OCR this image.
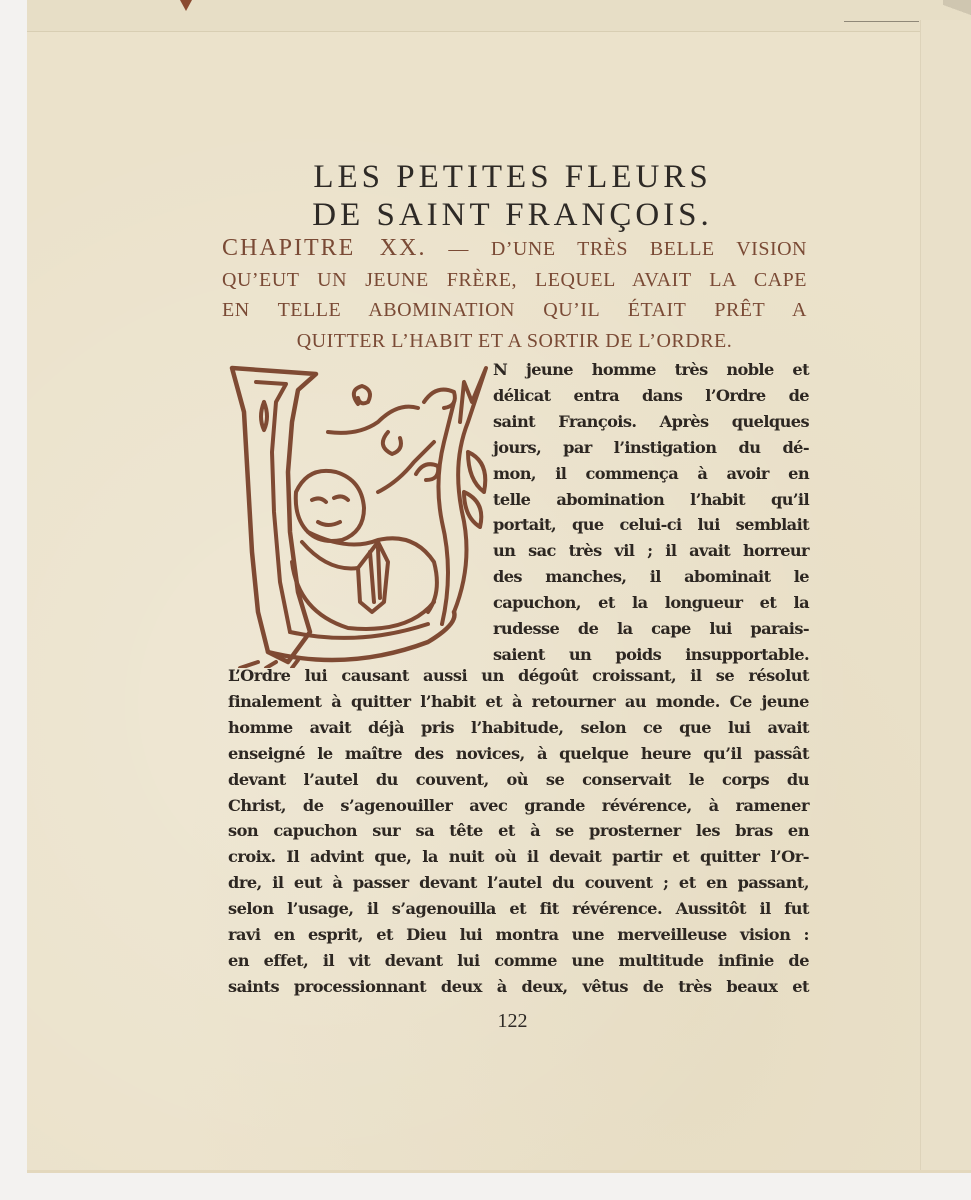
LES PETITES FLEURS
DE SAINT FRANÇOIS.
CHAPITRE XX. — D’UNE TRÈS BELLE VISION
QU’EUT UN JEUNE FRÈRE, LEQUEL AVAIT LA CAPE
EN TELLE ABOMINATION QU’IL ÉTAIT PRÊT A
QUITTER L’HABIT ET A SORTIR DE L’ORDRE.
N jeune homme très noble et
délicat entra dans l’Ordre de
saint François. Après quelques
jours, par l’instigation du dé-
mon, il commença à avoir en
telle abomination l’habit qu’il
portait, que celui-ci lui semblait
un sac très vil ; il avait horreur
des manches, il abominait le
capuchon, et la longueur et la
rudesse de la cape lui parais-
saient un poids insupportable.
L’Ordre lui causant aussi un dégoût croissant, il se résolut
finalement à quitter l’habit et à retourner au monde. Ce jeune
homme avait déjà pris l’habitude, selon ce que lui avait
enseigné le maître des novices, à quelque heure qu’il passât
devant l’autel du couvent, où se conservait le corps du
Christ, de s’agenouiller avec grande révérence, à ramener
son capuchon sur sa tête et à se prosterner les bras en
croix. Il advint que, la nuit où il devait partir et quitter l’Or-
dre, il eut à passer devant l’autel du couvent ; et en passant,
selon l’usage, il s’agenouilla et fit révérence. Aussitôt il fut
ravi en esprit, et Dieu lui montra une merveilleuse vision :
en effet, il vit devant lui comme une multitude infinie de
saints processionnant deux à deux, vêtus de très beaux et
122
